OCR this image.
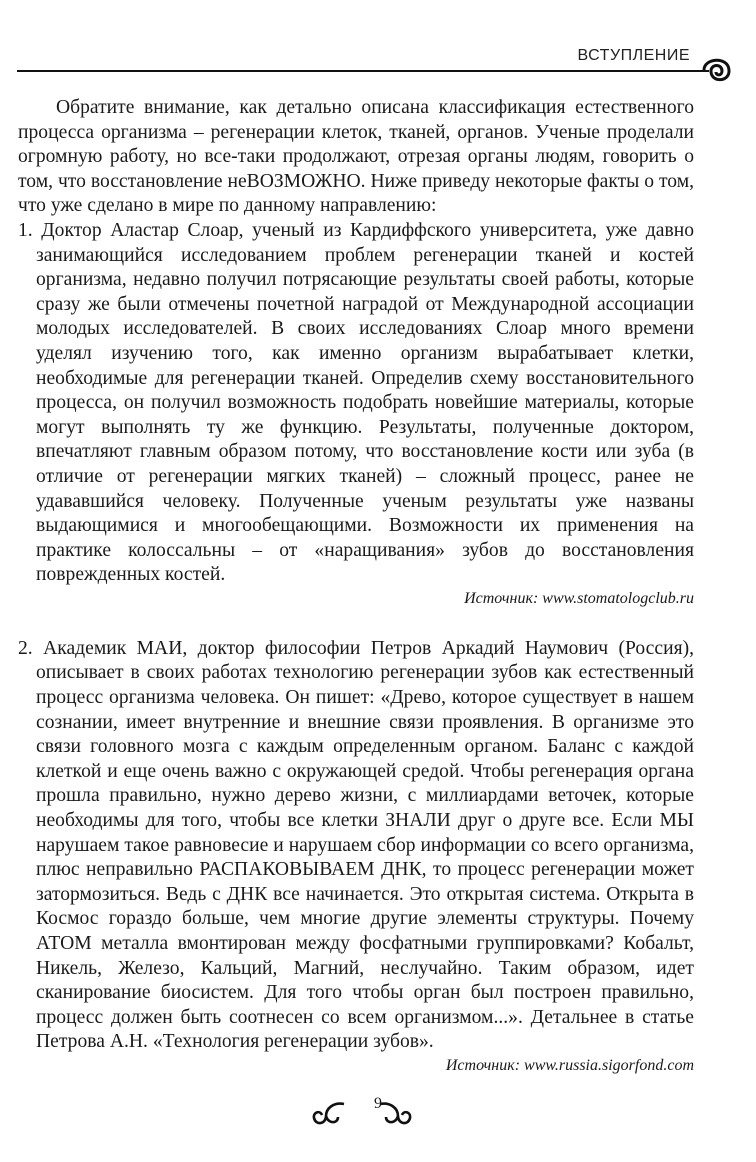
ВСТУПЛЕНИЕ

Обратите внимание, как детально описана классификация естественного процесса организма – регенерации клеток, тканей, органов. Ученые проделали огромную работу, но все-таки продолжают, отрезая органы людям, говорить о том, что восстановление неВОЗМОЖНО. Ниже приведу некоторые факты о том, что уже сделано в мире по данному направлению:

1. Доктор Аластар Слоар, ученый из Кардиффского университета, уже давно занимающийся исследованием проблем регенерации тканей и костей организма, недавно получил потрясающие результаты своей работы, которые сразу же были отмечены почетной наградой от Международной ассоциации молодых исследователей. В своих исследованиях Слоар много времени уделял изучению того, как именно организм вырабатывает клетки, необходимые для регенерации тканей. Определив схему восстановительного процесса, он получил возможность подобрать новейшие материалы, которые могут выполнять ту же функцию. Результаты, полученные доктором, впечатляют главным образом потому, что восстановление кости или зуба (в отличие от регенерации мягких тканей) – сложный процесс, ранее не удававшийся человеку. Полученные ученым результаты уже названы выдающимися и многообещающими. Возможности их применения на практике колоссальны – от «наращивания» зубов до восстановления поврежденных костей.

Источник: www.stomatologclub.ru

2. Академик МАИ, доктор философии Петров Аркадий Наумович (Россия), описывает в своих работах технологию регенерации зубов как естественный процесс организма человека. Он пишет: «Древо, которое существует в нашем сознании, имеет внутренние и внешние связи проявления. В организме это связи головного мозга с каждым определенным органом. Баланс с каждой клеткой и еще очень важно с окружающей средой. Чтобы регенерация органа прошла правильно, нужно дерево жизни, с миллиардами веточек, которые необходимы для того, чтобы все клетки ЗНАЛИ друг о друге все. Если МЫ нарушаем такое равновесие и нарушаем сбор информации со всего организма, плюс неправильно РАСПАКОВЫВАЕМ ДНК, то процесс регенерации может затормозиться. Ведь с ДНК все начинается. Это открытая система. Открыта в Космос гораздо больше, чем многие другие элементы структуры. Почему АТОМ металла вмонтирован между фосфатными группировками? Кобальт, Никель, Железо, Кальций, Магний, неслучайно. Таким образом, идет сканирование биосистем. Для того чтобы орган был построен правильно, процесс должен быть соотнесен со всем организмом...». Детальнее в статье Петрова А.Н. «Технология регенерации зубов».

Источник: www.russia.sigorfond.com

9
